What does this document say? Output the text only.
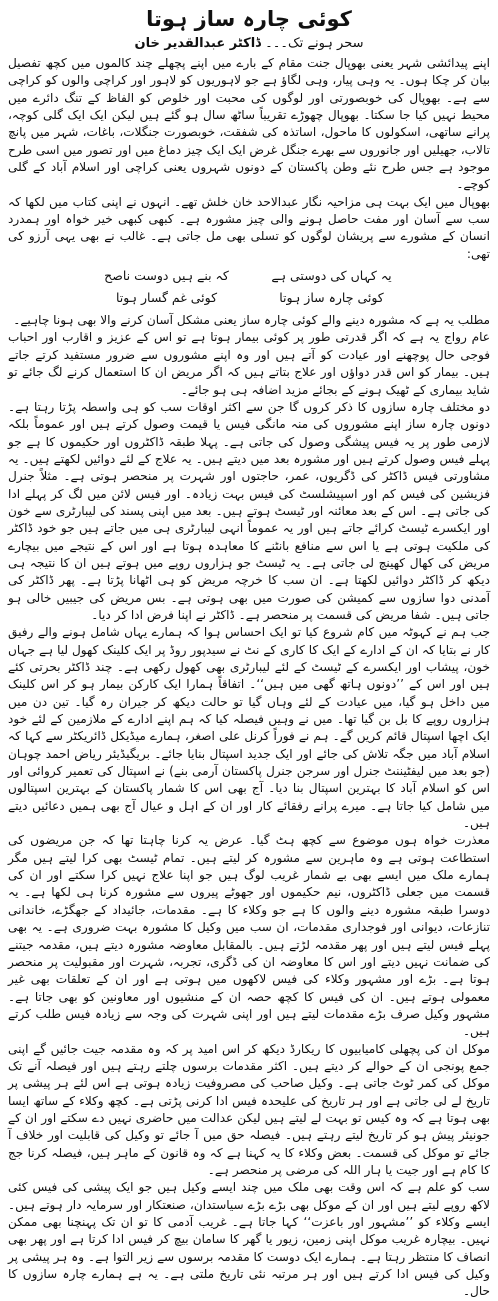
کوئی چارہ ساز ہوتا
سحر ہونے تک۔۔۔ ڈاکٹر عبدالقدیر خان

اپنے پیدائشی شہر یعنی بھوپال جنت مقام کے بارے میں اپنے پچھلے چند کالموں میں کچھ تفصیل بیان کر چکا ہوں۔ یہ وہی پیار، وہی لگاؤ ہے جو لاہوریوں کو لاہور اور کراچی والوں کو کراچی سے ہے۔ بھوپال کی خوبصورتی اور لوگوں کی محبت اور خلوص کو الفاظ کے تنگ دائرے میں محیط نہیں کیا جا سکتا۔ بھوپال چھوڑے تقریباً ساٹھ سال ہو گئے ہیں لیکن ایک ایک گلی کوچہ، پرانے ساتھی، اسکولوں کا ماحول، اساتذہ کی شفقت، خوبصورت جنگلات، باغات، شہر میں پانچ تالاب، جھیلیں اور جانوروں سے بھرے جنگل غرض ایک ایک چیز دماغ میں اور تصور میں اسی طرح موجود ہے جس طرح نئے وطن پاکستان کے دونوں شہروں یعنی کراچی اور اسلام آباد کے گلی کوچے۔

بھوپال میں ایک بہت ہی مزاحیہ نگار عبدالاحد خان خلش تھے۔ انہوں نے اپنی کتاب میں لکھا کہ سب سے آسان اور مفت حاصل ہونے والی چیز مشورہ ہے۔ کبھی کبھی خیر خواہ اور ہمدرد انسان کے مشورے سے پریشان لوگوں کو تسلی بھی مل جاتی ہے۔ غالب نے بھی یہی آرزو کی تھی:

یہ کہاں کی دوستی ہے
کہ بنے ہیں دوست ناصح
کوئی چارہ ساز ہوتا
کوئی غم گسار ہوتا

مطلب یہ ہے کہ مشورہ دینے والے کوئی چارہ ساز یعنی مشکل آسان کرنے والا بھی ہونا چاہیے۔

عام رواج یہ ہے کہ اگر قدرتی طور پر کوئی بیمار ہوتا ہے تو اس کے عزیز و اقارب اور احباب فوجی حال پوچھنے اور عیادت کو آتے ہیں اور وہ اپنے مشوروں سے ضرور مستفید کرتے جاتے ہیں۔ بیمار کو اس قدر دواؤں اور علاج بتاتے ہیں کہ اگر مریض ان کا استعمال کرنے لگ جائے تو شاید بیماری کے ٹھیک ہونے کے بجائے مزید اضافہ ہی ہو جائے۔

دو مختلف چارہ سازوں کا ذکر کروں گا جن سے اکثر اوقات سب کو ہی واسطہ پڑتا رہتا ہے۔ دونوں چارہ ساز اپنے مشوروں کی منہ مانگی فیس یا قیمت وصول کرتے ہیں اور عموماً بلکہ لازمی طور پر یہ فیس پیشگی وصول کی جاتی ہے۔ پہلا طبقہ ڈاکٹروں اور حکیموں کا ہے جو پہلے فیس وصول کرتے ہیں اور مشورہ بعد میں دیتے ہیں۔ یہ علاج کے لئے دوائیں لکھتے ہیں۔ یہ مشاورتی فیس ڈاکٹر کی ڈگریوں، عمر، حاجتوں اور شہرت پر منحصر ہوتی ہے۔ مثلاً جنرل فزیشین کی فیس کم اور اسپیشلسٹ کی فیس بہت زیادہ۔ اور فیس لائن میں لگ کر پہلے ادا کی جاتی ہے۔ اس کے بعد معائنہ اور ٹیسٹ ہوتے ہیں۔ بعد میں اپنی پسند کی لیبارٹری سے خون اور ایکسرے ٹیسٹ کرائے جاتے ہیں اور یہ عموماً انہی لیبارٹری ہی میں جاتے ہیں جو خود ڈاکٹر کی ملکیت ہوتی ہے یا اس سے منافع بانٹنے کا معاہدہ ہوتا ہے اور اس کے نتیجے میں بیچارے مریض کی کھال کھینچ لی جاتی ہے۔ یہ ٹیسٹ جو ہزاروں روپے میں ہوتے ہیں ان کا نتیجہ ہی دیکھ کر ڈاکٹر دوائیں لکھتا ہے۔ ان سب کا خرچہ مریض کو ہی اٹھانا پڑتا ہے۔ پھر ڈاکٹر کی آمدنی دوا سازوں سے کمیشن کی صورت میں بھی ہوتی ہے۔ بس مریض کی جیبیں خالی ہو جاتی ہیں۔ شفا مریض کی قسمت پر منحصر ہے۔ ڈاکٹر نے اپنا فرض ادا کر دیا۔

جب ہم نے کہوٹہ میں کام شروع کیا تو ایک احساس ہوا کہ ہمارے یہاں شامل ہونے والے رفیق کار نے بتایا کہ ان کے ادارے کے ایک کا کاری کے نٹ نے سیدپور روڈ پر ایک کلینک کھول لیا ہے جہاں خون، پیشاب اور ایکسرے کے ٹیسٹ کے لئے لیبارٹری بھی کھول رکھی ہے۔ چند ڈاکٹر بحرتی کئے ہیں اور اس کے ’’دونوں ہاتھ گھی میں ہیں‘‘۔ اتفاقاً ہمارا ایک کارکن بیمار ہو کر اس کلینک میں داخل ہو گیا، میں عیادت کے لئے وہاں گیا تو حالت دیکھ کر جیران رہ گیا۔ تین دن میں ہزاروں روپے کا بل بن گیا تھا۔ میں نے وہیں فیصلہ کیا کہ ہم اپنے ادارے کے ملازمین کے لئے خود ایک اچھا اسپتال قائم کریں گے۔ ہم نے فوراً کرنل علی اصغر، ہمارے میڈیکل ڈائریکٹر سے کہا کہ اسلام آباد میں جگہ تلاش کی جائے اور ایک جدید اسپتال بنایا جائے۔ بریگیڈیئر ریاض احمد چوہان (جو بعد میں لیفٹیننٹ جنرل اور سرجن جنرل پاکستان آرمی بنے) نے اسپتال کی تعمیر کروائی اور اس کو اسلام آباد کا بہترین اسپتال بنا دیا۔ آج بھی اس کا شمار پاکستان کے بہترین اسپتالوں میں شامل کیا جاتا ہے۔ میرے پرانے رفقائے کار اور ان کے اہل و عیال آج بھی ہمیں دعائیں دیتے ہیں۔

معذرت خواہ ہوں موضوع سے کچھ ہٹ گیا۔ عرض یہ کرنا چاہتا تھا کہ جن مریضوں کی استطاعت ہوتی ہے وہ ماہرین سے مشورہ کر لیتے ہیں۔ تمام ٹیسٹ بھی کرا لیتے ہیں مگر ہمارے ملک میں ایسے بھی بے شمار غریب لوگ ہیں جو اپنا علاج نہیں کرا سکتے اور ان کی قسمت میں جعلی ڈاکٹروں، نیم حکیموں اور جھوٹے پیروں سے مشورہ کرنا ہی لکھا ہے۔ یہ دوسرا طبقہ مشورہ دینے والوں کا ہے جو وکلاء کا ہے۔ مقدمات، جائیداد کے جھگڑے، خاندانی تنازعات، دیوانی اور فوجداری مقدمات، ان سب میں وکیل کا مشورہ بہت ضروری ہے۔ یہ بھی پہلے فیس لیتے ہیں اور پھر مقدمہ لڑتے ہیں۔ بالمقابل معاوضہ مشورہ دیتے ہیں، مقدمہ جیتنے کی ضمانت نہیں دیتے اور اس کا معاوضہ ان کی ڈگری، تجربہ، شہرت اور مقبولیت پر منحصر ہوتا ہے۔ بڑے اور مشہور وکلاء کی فیس لاکھوں میں ہوتی ہے اور ان کے تعلقات بھی غیر معمولی ہوتے ہیں۔ ان کی فیس کا کچھ حصہ ان کے منشیوں اور معاونین کو بھی جاتا ہے۔ مشہور وکیل صرف بڑے مقدمات لیتے ہیں اور اپنی شہرت کی وجہ سے زیادہ فیس طلب کرتے ہیں۔

موکل ان کی پچھلی کامیابیوں کا ریکارڈ دیکھ کر اس امید پر کہ وہ مقدمہ جیت جائیں گے اپنی جمع پونجی ان کے حوالے کر دیتے ہیں۔ اکثر مقدمات برسوں چلتے رہتے ہیں اور فیصلہ آنے تک موکل کی کمر ٹوٹ جاتی ہے۔ وکیل صاحب کی مصروفیت زیادہ ہوتی ہے اس لئے ہر پیشی پر تاریخ لے لی جاتی ہے اور ہر تاریخ کی علیحدہ فیس ادا کرنی پڑتی ہے۔ کچھ وکلاء کے ساتھ ایسا بھی ہوتا ہے کہ وہ کیس تو بہت لے لیتے ہیں لیکن عدالت میں حاضری نہیں دے سکتے اور ان کے جونیئر پیش ہو کر تاریخ لیتے رہتے ہیں۔ فیصلہ حق میں آ جائے تو وکیل کی قابلیت اور خلاف آ جائے تو موکل کی قسمت۔ بعض وکلاء کا یہ کہنا ہے کہ وہ قانون کے ماہر ہیں، فیصلہ کرنا جج کا کام ہے اور جیت یا ہار اللہ کی مرضی پر منحصر ہے۔

سب کو علم ہے کہ اس وقت بھی ملک میں چند ایسے وکیل ہیں جو ایک پیشی کی فیس کئی لاکھ روپے لیتے ہیں اور ان کے موکل بھی بڑے بڑے سیاستدان، صنعتکار اور سرمایہ دار ہوتے ہیں۔ ایسے وکلاء کو ’’مشہور اور باعزت‘‘ کہا جاتا ہے۔ غریب آدمی کا تو ان تک پہنچنا بھی ممکن نہیں۔ بیچارہ غریب موکل اپنی زمین، زیور یا گھر کا سامان بیچ کر فیس ادا کرتا ہے اور پھر بھی انصاف کا منتظر رہتا ہے۔ ہمارے ایک دوست کا مقدمہ برسوں سے زیر التوا ہے۔ وہ ہر پیشی پر وکیل کی فیس ادا کرتے ہیں اور ہر مرتبہ نئی تاریخ ملتی ہے۔ یہ ہے ہمارے چارہ سازوں کا حال۔
